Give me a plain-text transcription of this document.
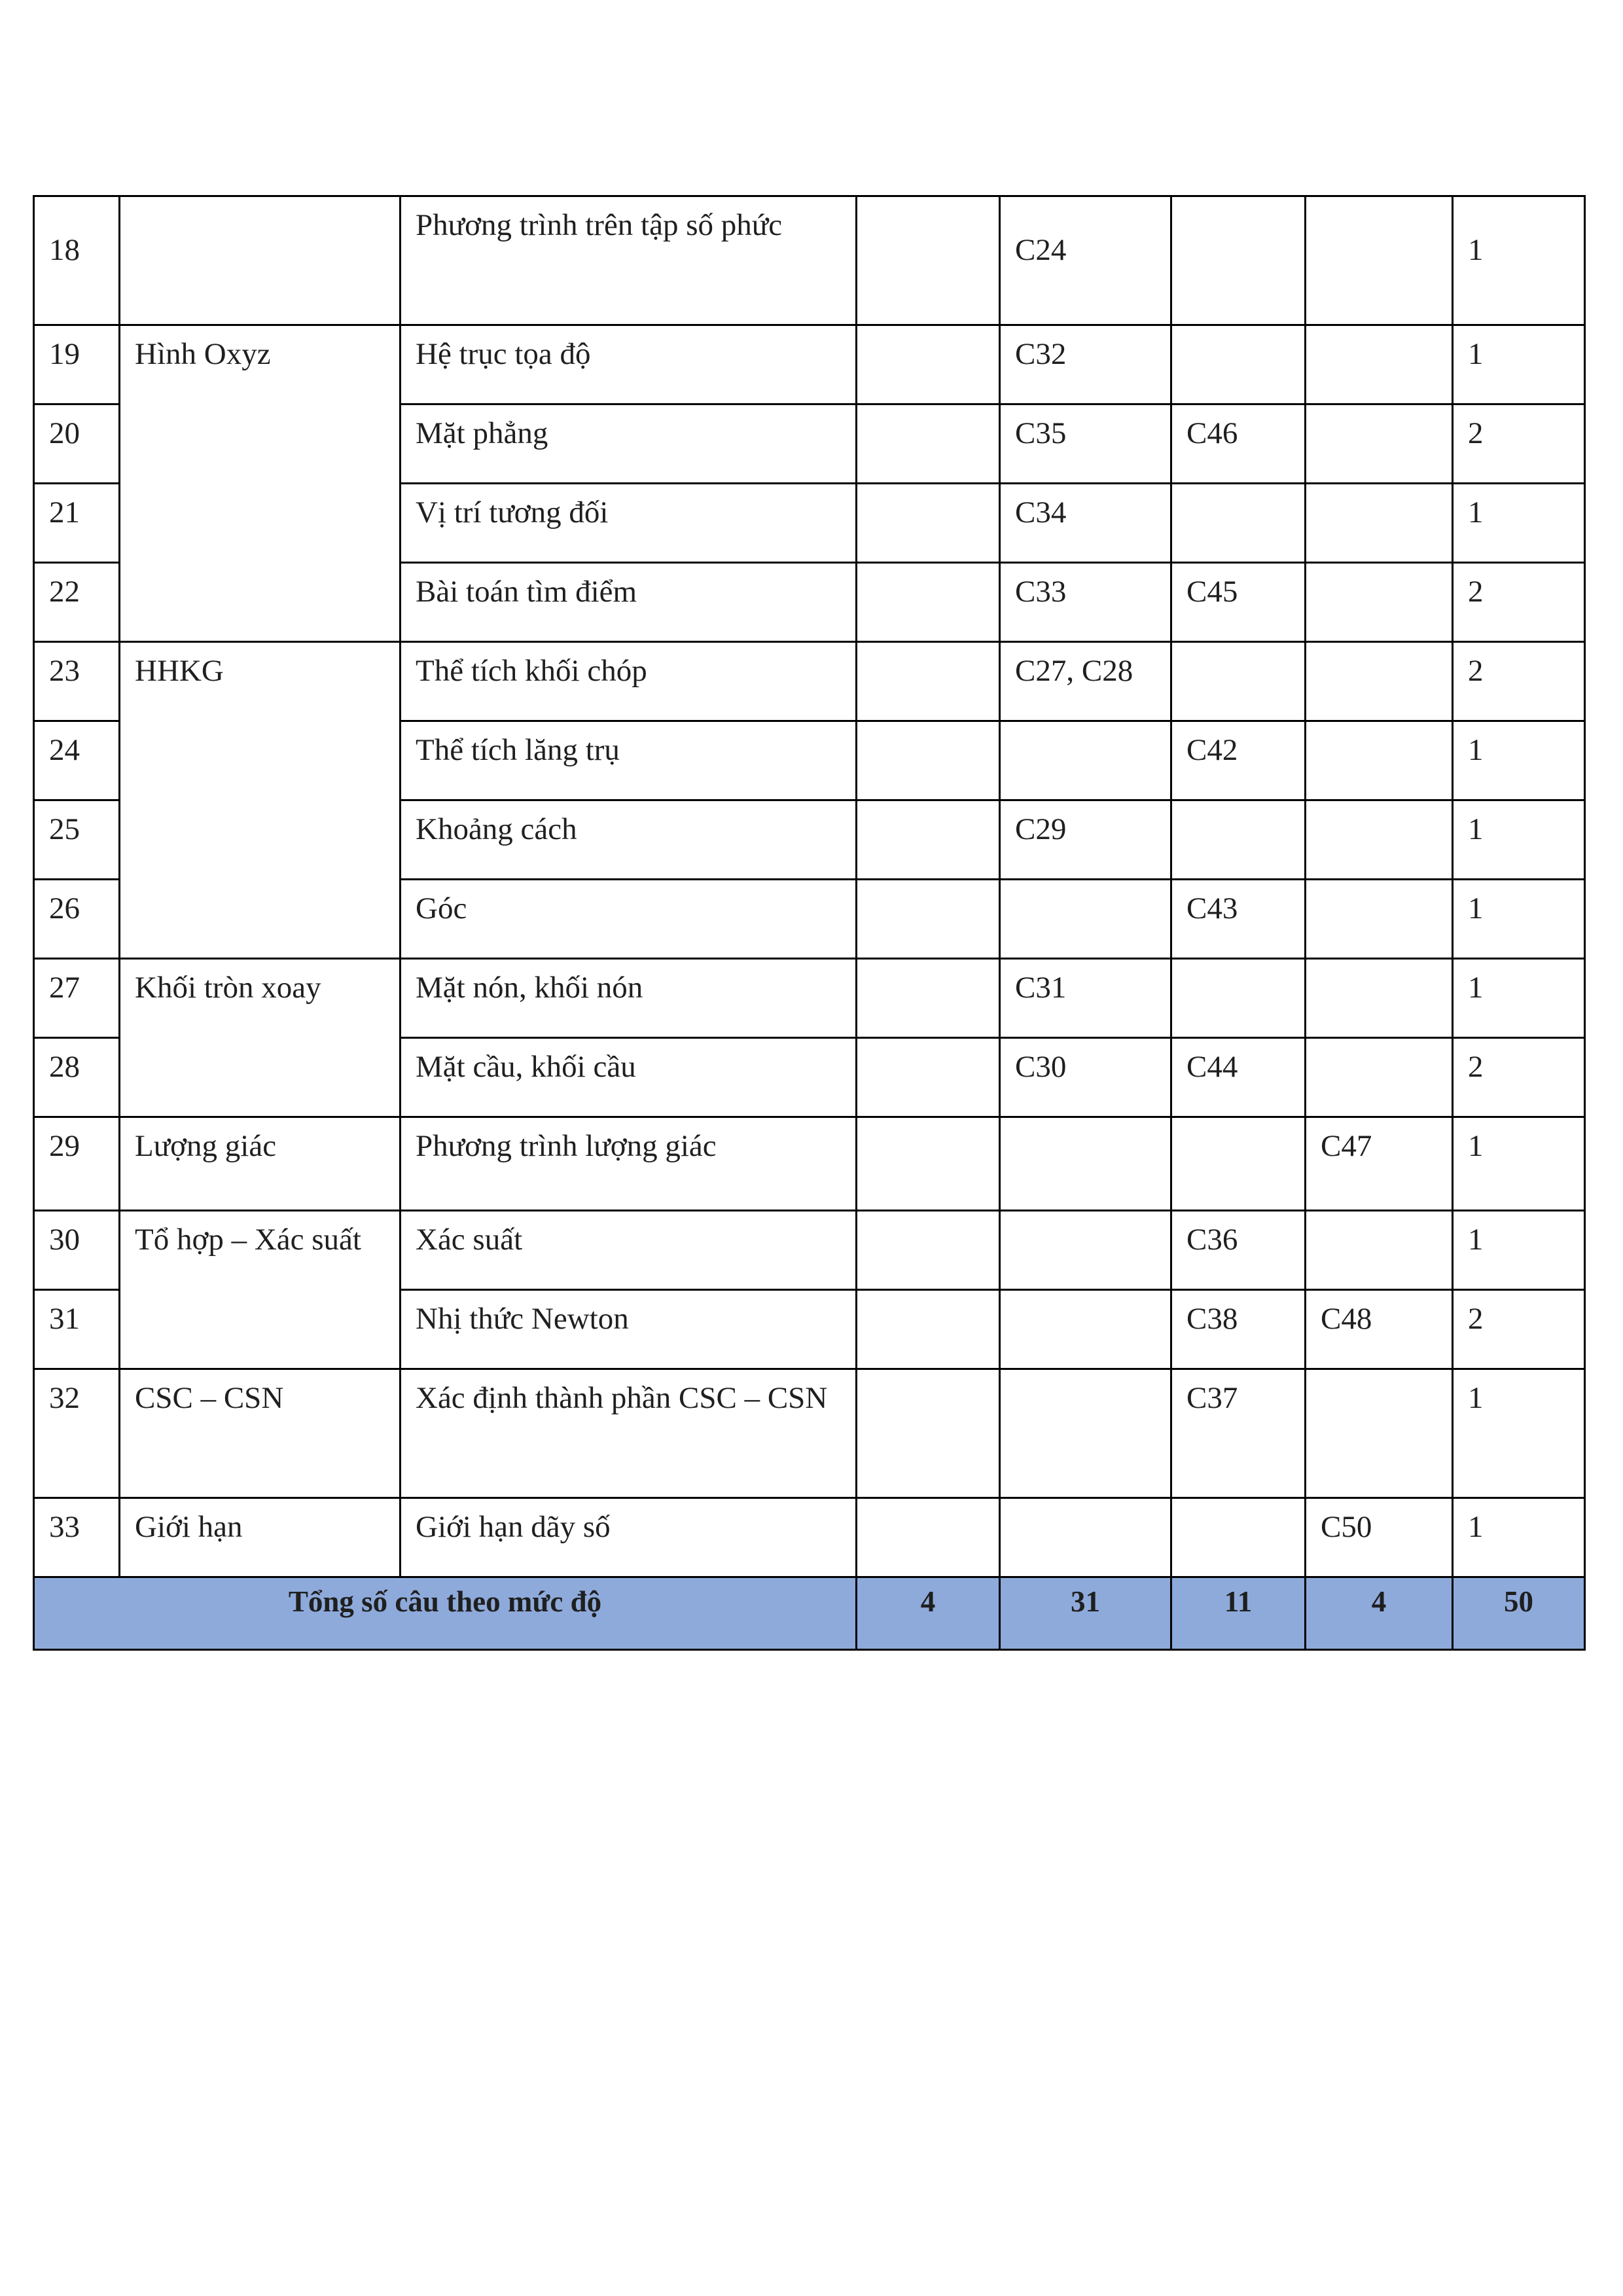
18		Phương trình trên tập số phức		C24			1
19	Hình Oxyz	Hệ trục tọa độ		C32			1
20		Mặt phẳng		C35	C46		2
21		Vị trí tương đối		C34			1
22		Bài toán tìm điểm		C33	C45		2
23	HHKG	Thể tích khối chóp		C27, C28			2
24		Thể tích lăng trụ			C42		1
25		Khoảng cách		C29			1
26		Góc			C43		1
27	Khối tròn xoay	Mặt nón, khối nón		C31			1
28		Mặt cầu, khối cầu		C30	C44		2
29	Lượng giác	Phương trình lượng giác				C47	1
30	Tổ hợp – Xác suất	Xác suất			C36		1
31		Nhị thức Newton			C38	C48	2
32	CSC – CSN	Xác định thành phần CSC – CSN			C37		1
33	Giới hạn	Giới hạn dãy số				C50	1
Tổng số câu theo mức độ			4	31	11	4	50
